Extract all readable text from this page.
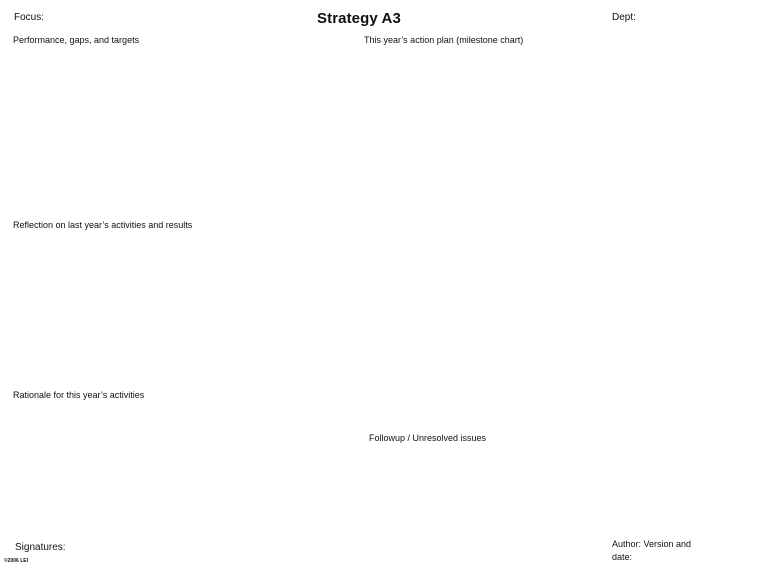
Focus:	Strategy A3	Dept:
Performance, gaps, and targets	This year’s action plan (milestone chart)
Reflection on last year’s activities and results
Rationale for this year’s activities
Followup / Unresolved issues
Signatures:	Author: Version and date:
©2006 LEI
